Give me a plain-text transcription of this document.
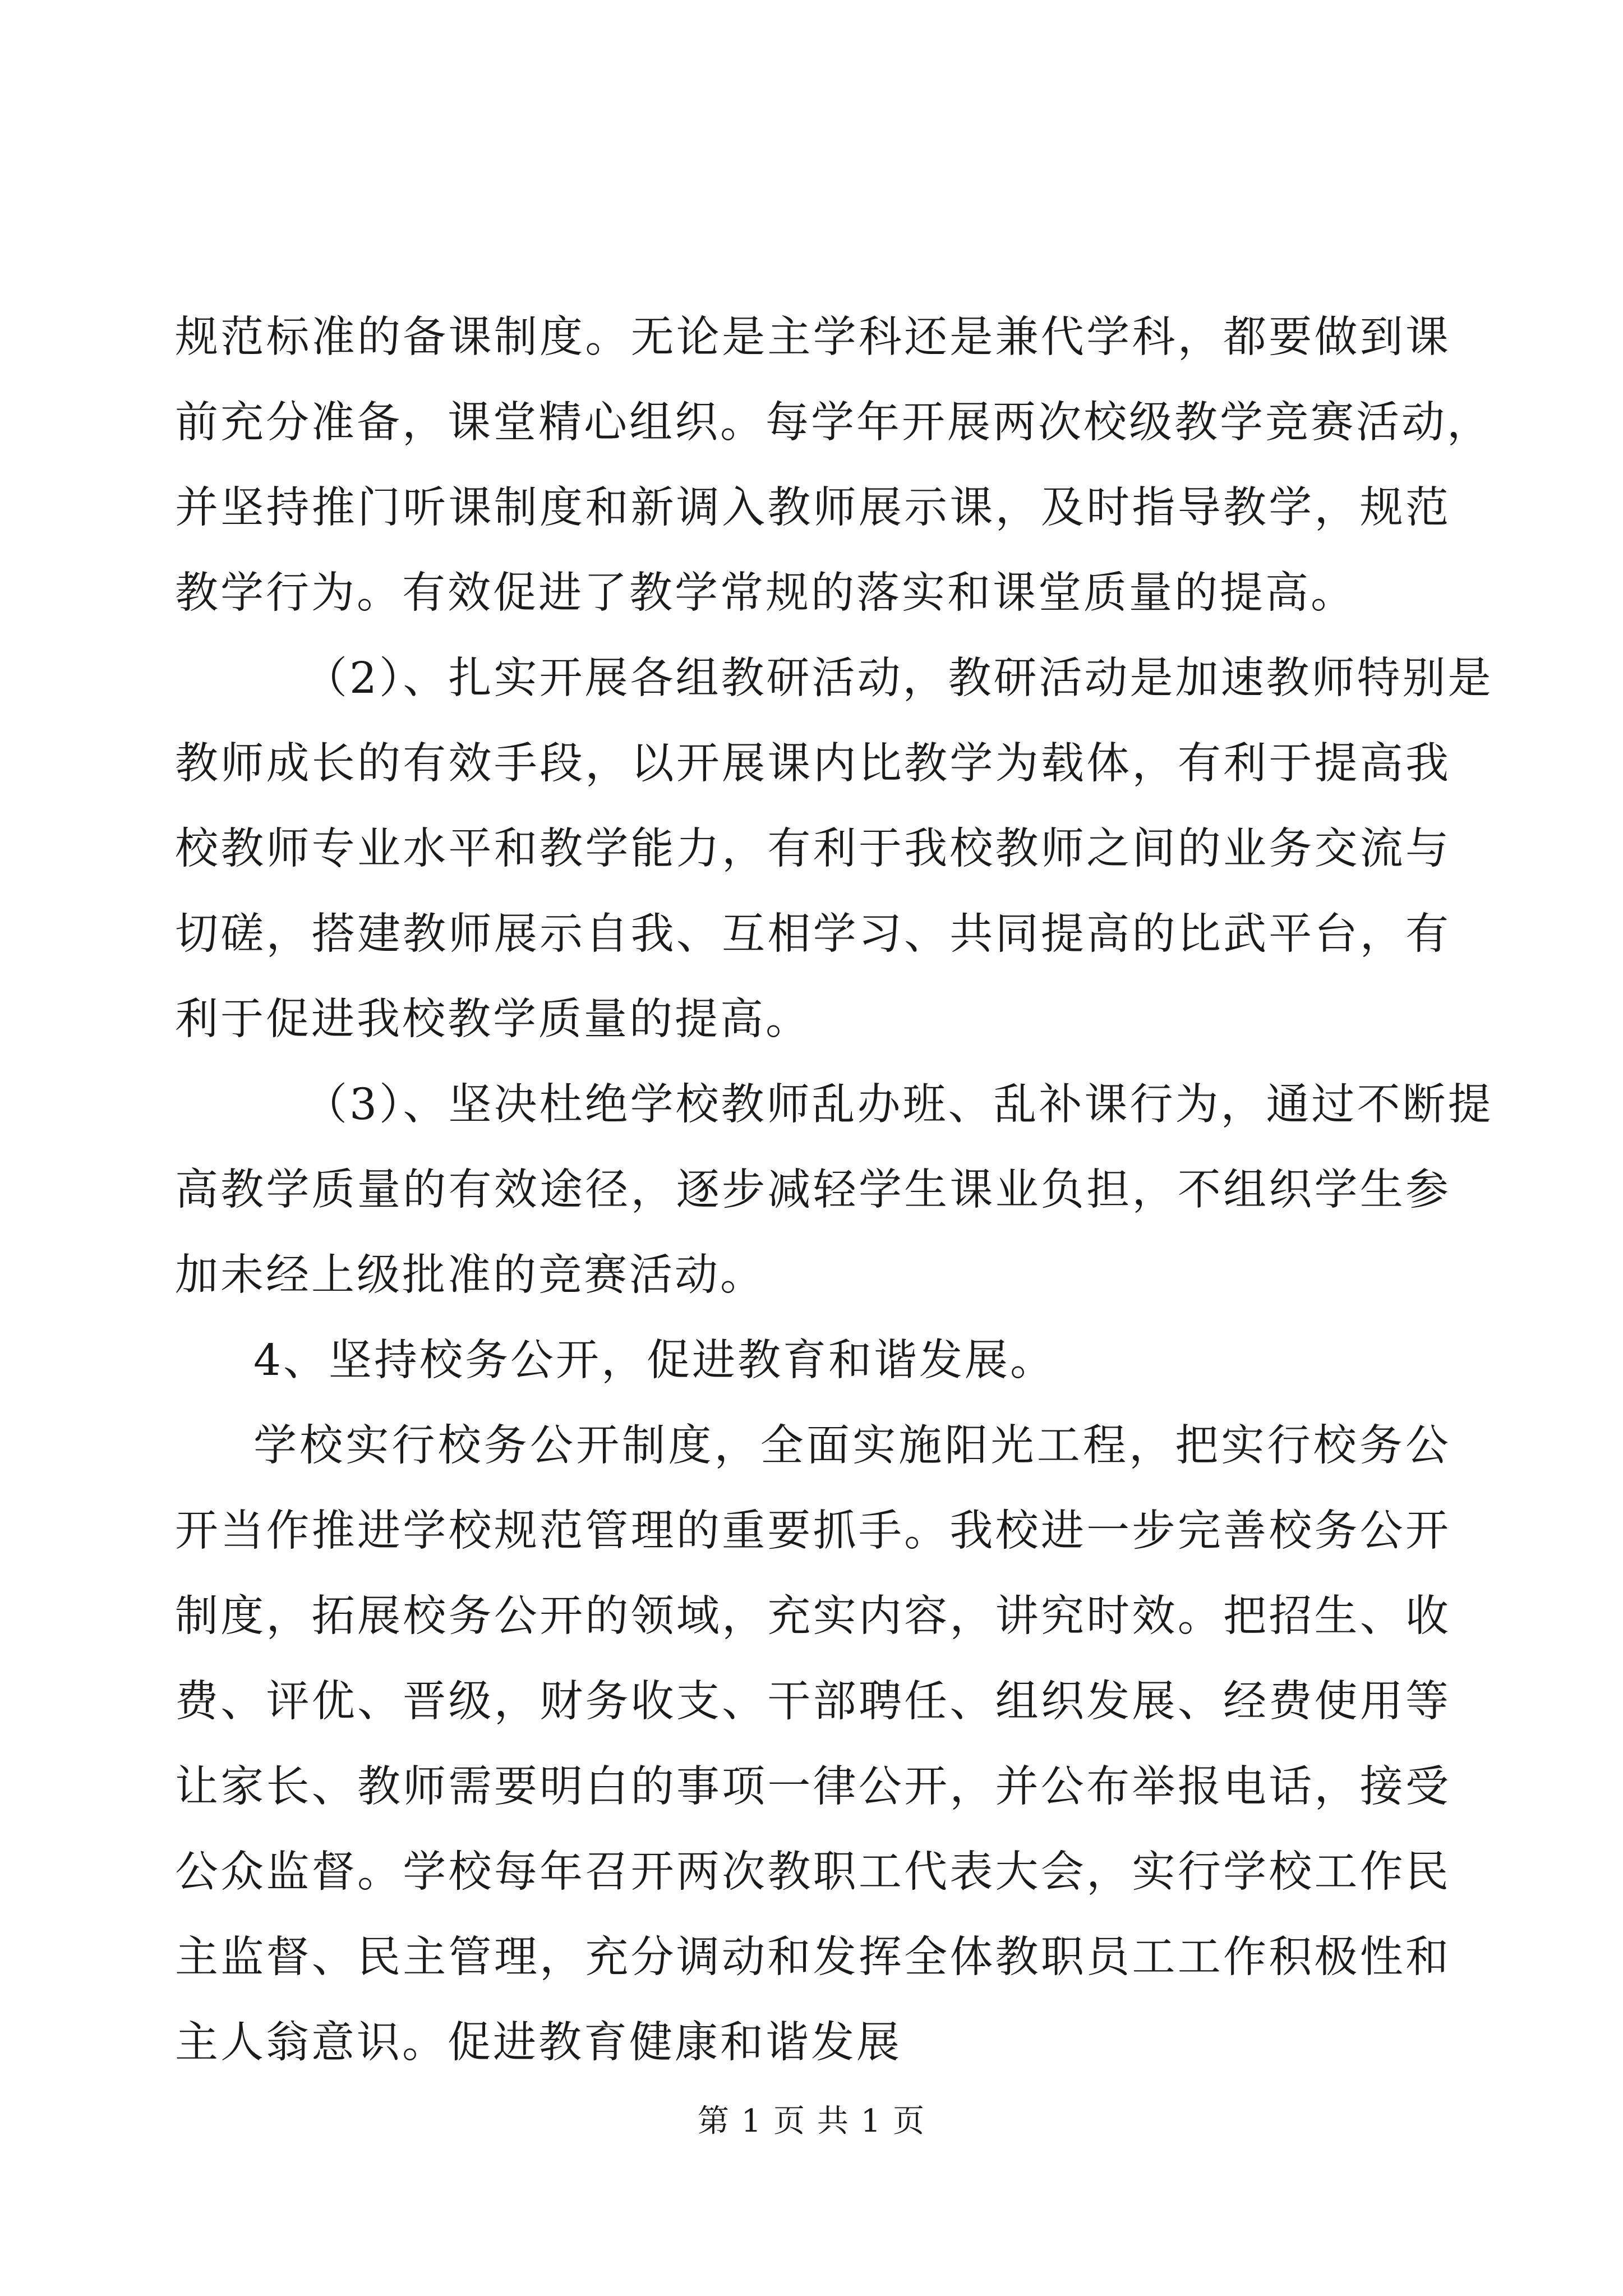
规范标准的备课制度。无论是主学科还是兼代学科，都要做到课
前充分准备，课堂精心组织。每学年开展两次校级教学竞赛活动，
并坚持推门听课制度和新调入教师展示课，及时指导教学，规范
教学行为。有效促进了教学常规的落实和课堂质量的提高。
（2）、扎实开展各组教研活动，教研活动是加速教师特别是
教师成长的有效手段，以开展课内比教学为载体，有利于提高我
校教师专业水平和教学能力，有利于我校教师之间的业务交流与
切磋，搭建教师展示自我、互相学习、共同提高的比武平台，有
利于促进我校教学质量的提高。
（3）、坚决杜绝学校教师乱办班、乱补课行为，通过不断提
高教学质量的有效途径，逐步减轻学生课业负担，不组织学生参
加未经上级批准的竞赛活动。
4、坚持校务公开，促进教育和谐发展。
学校实行校务公开制度，全面实施阳光工程，把实行校务公
开当作推进学校规范管理的重要抓手。我校进一步完善校务公开
制度，拓展校务公开的领域，充实内容，讲究时效。把招生、收
费、评优、晋级，财务收支、干部聘任、组织发展、经费使用等
让家长、教师需要明白的事项一律公开，并公布举报电话，接受
公众监督。学校每年召开两次教职工代表大会，实行学校工作民
主监督、民主管理，充分调动和发挥全体教职员工工作积极性和
主人翁意识。促进教育健康和谐发展
第 1 页 共 1 页
